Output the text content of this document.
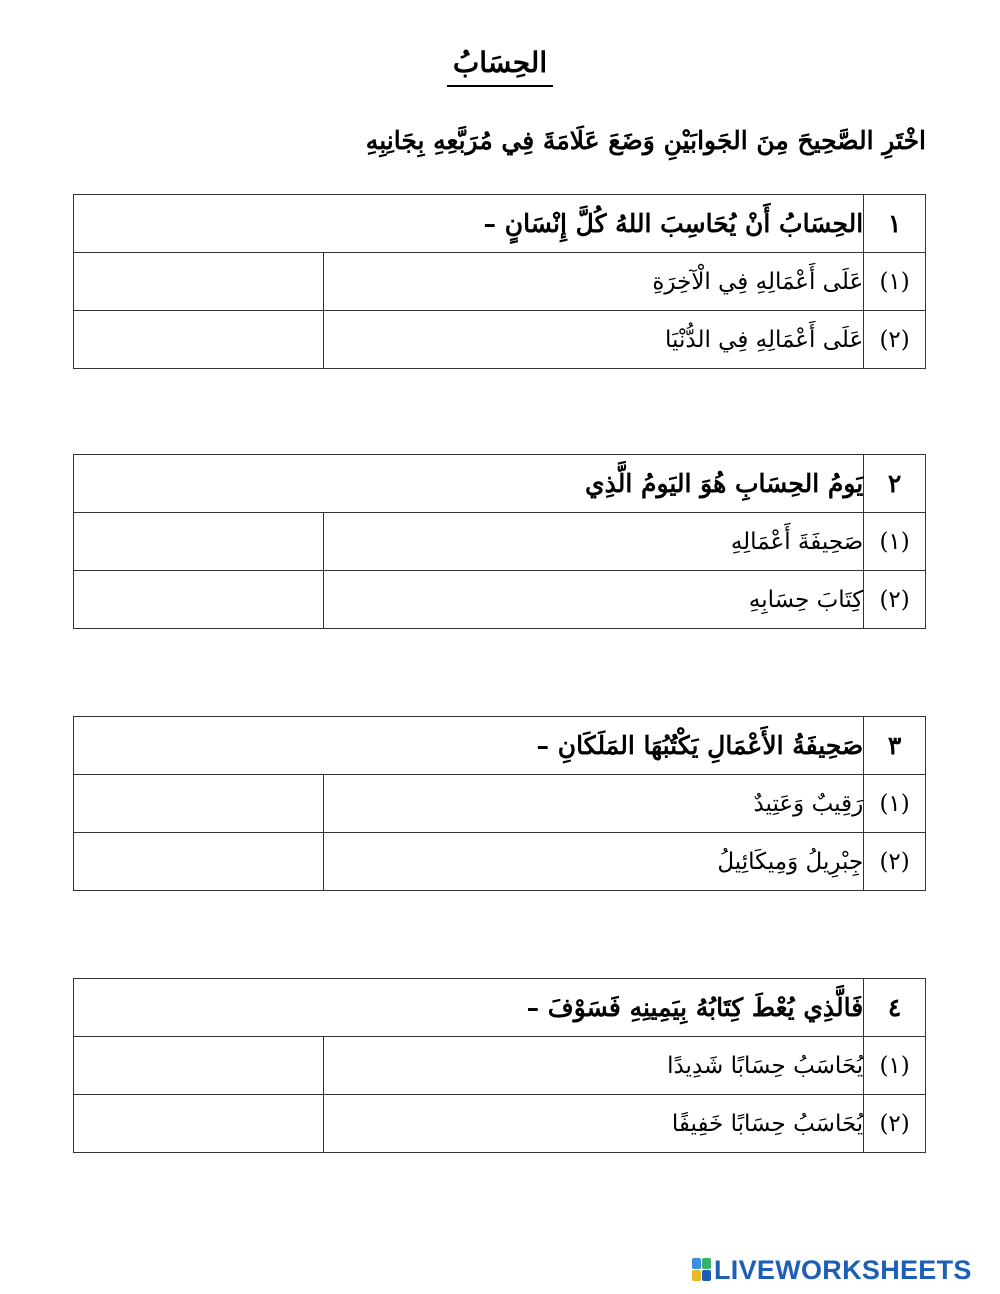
الحِسَابُ
اخْتَرِ الصَّحِيحَ مِنَ الجَوابَيْنِ وَضَعَ عَلَامَةَ فِي مُرَبَّعِهِ بِجَانِبِهِ
١	الحِسَابُ أَنْ يُحَاسِبَ اللهُ كُلَّ إِنْسَانٍ –	
(١)	عَلَى أَعْمَالِهِ فِي الْآخِرَةِ	
(٢)	عَلَى أَعْمَالِهِ فِي الدُّنْيَا	
٢	يَومُ الحِسَابِ هُوَ اليَومُ الَّذِي	
(١)	صَحِيفَةَ أَعْمَالِهِ	
(٢)	كِتَابَ حِسَابِهِ	
٣	صَحِيفَةُ الأَعْمَالِ يَكْتُبُهَا المَلَكَانِ –	
(١)	رَقِيبٌ وَعَتِيدٌ	
(٢)	جِبْرِيلُ وَمِيكَائِيلُ	
٤	فَالَّذِي يُعْطَ كِتَابُهُ بِيَمِينِهِ فَسَوْفَ –	
(١)	يُحَاسَبُ حِسَابًا شَدِيدًا	
(٢)	يُحَاسَبُ حِسَابًا خَفِيفًا	
LIVEWORKSHEETS
